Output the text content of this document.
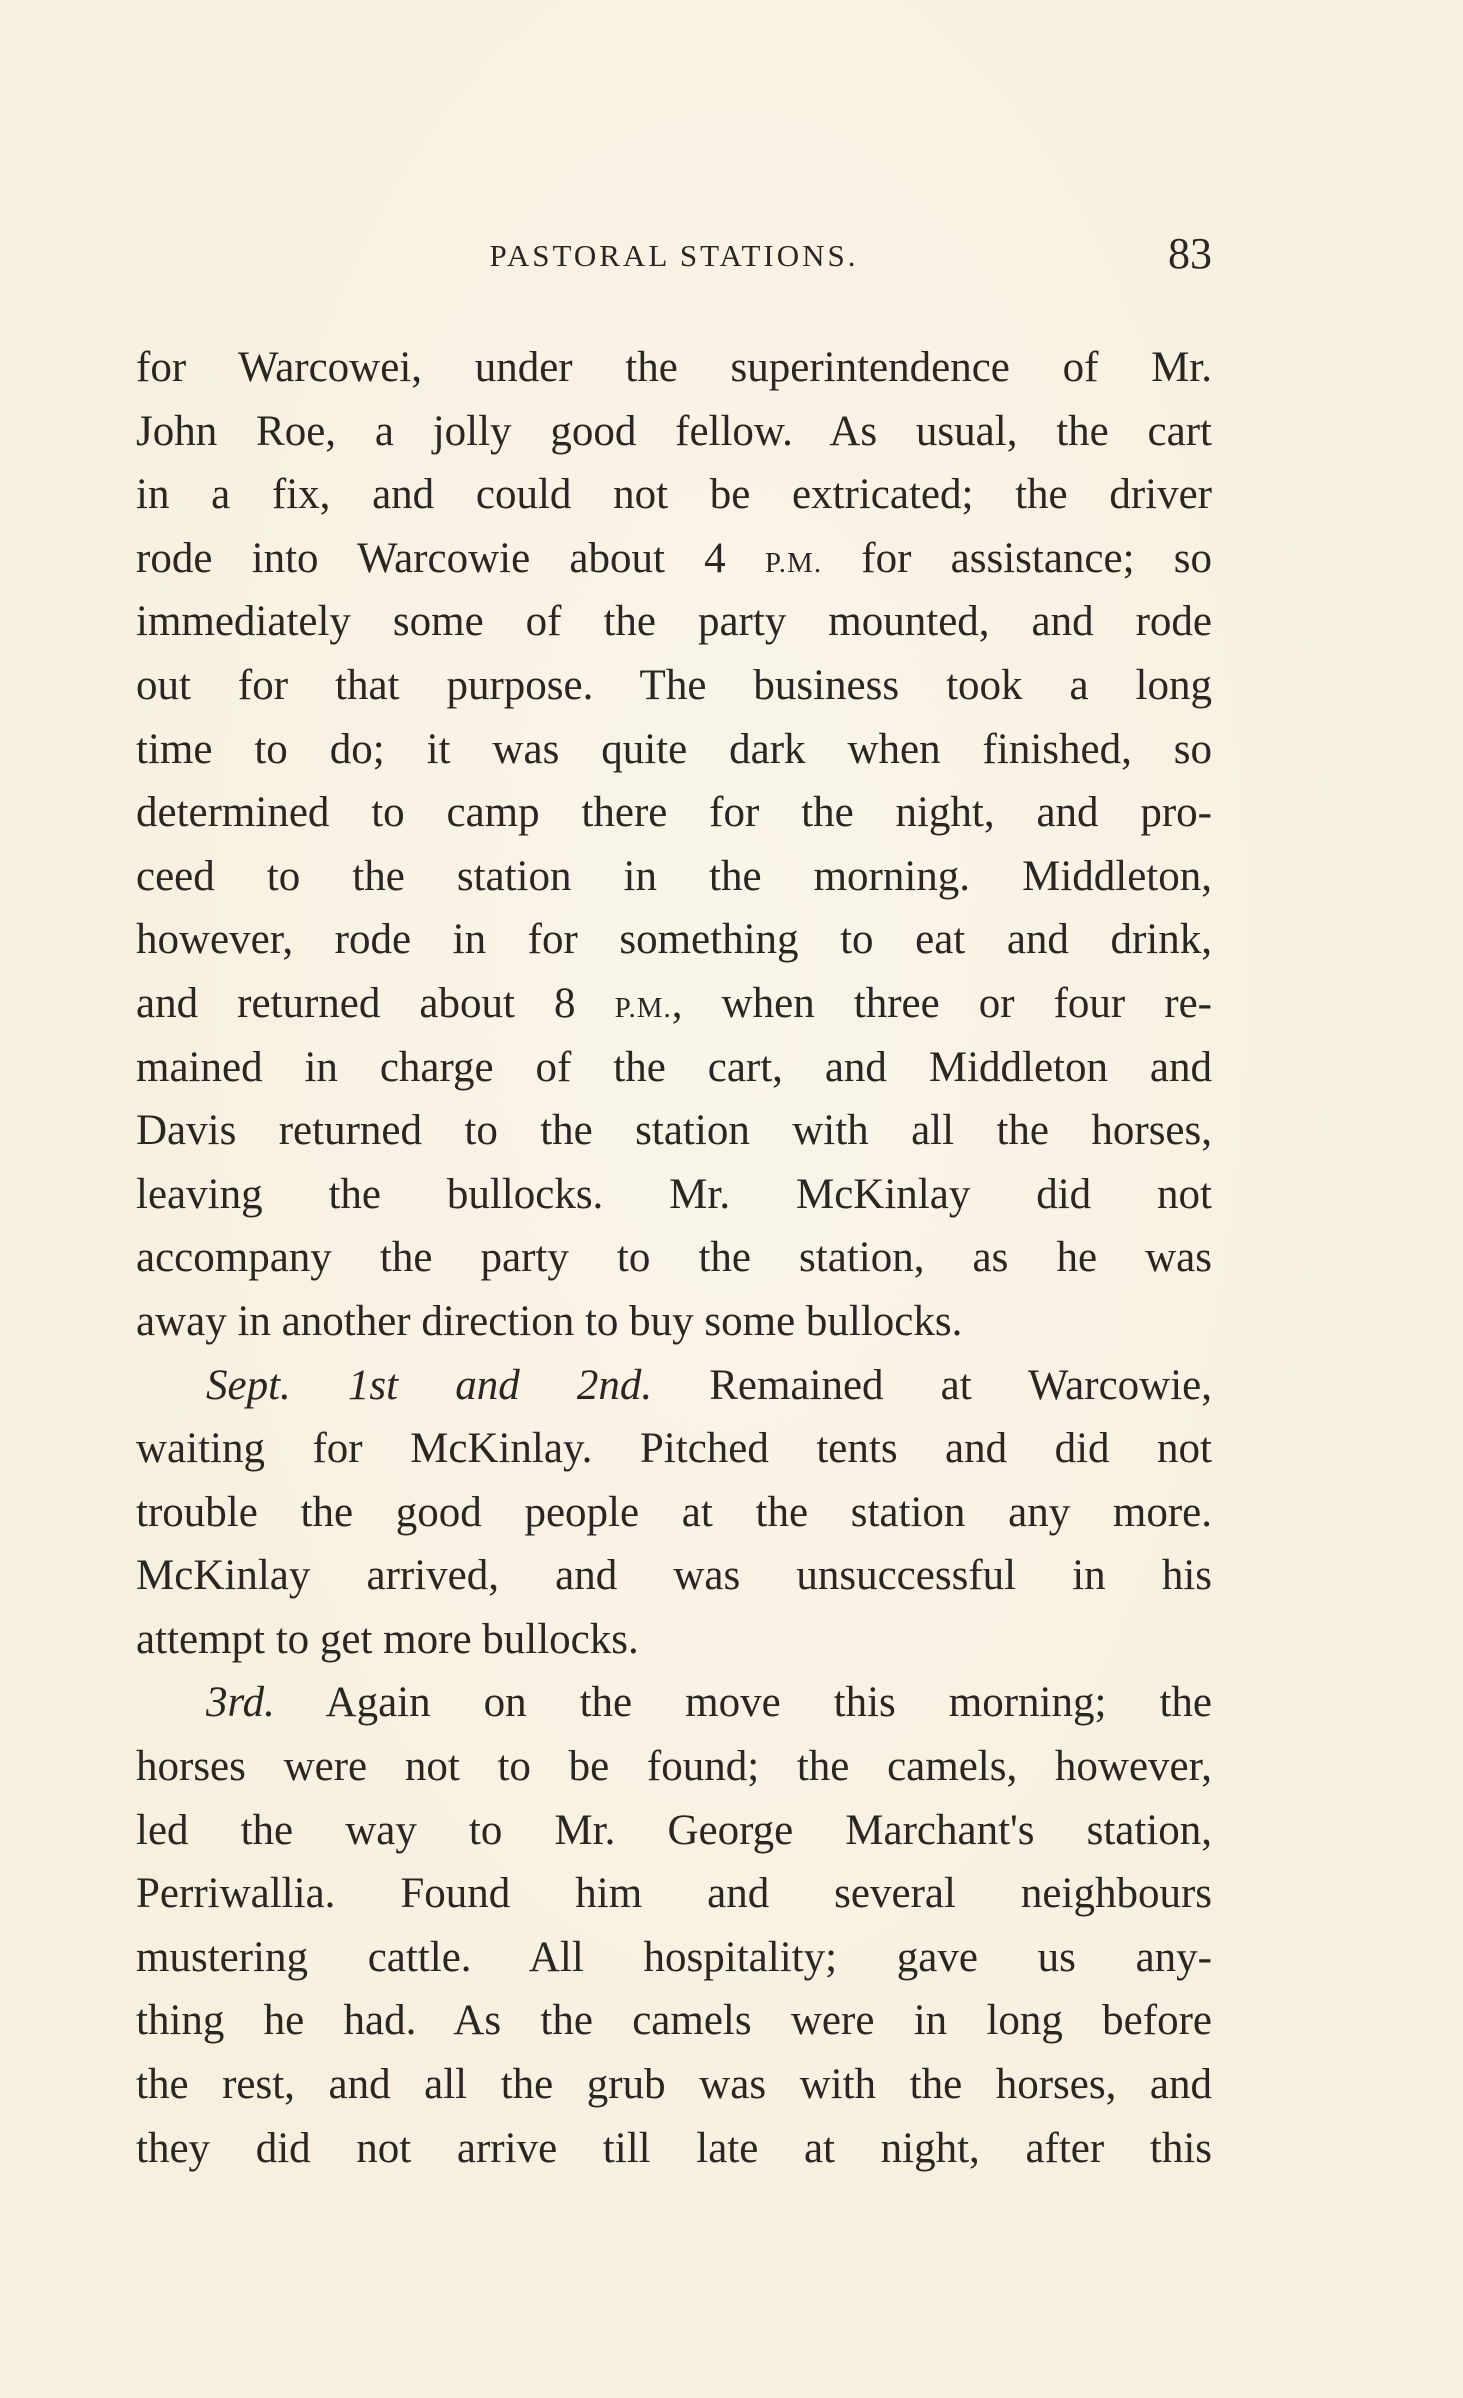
PASTORAL STATIONS.	83
for Warcowei, under the superintendence of Mr.
John Roe, a jolly good fellow. As usual, the cart
in a fix, and could not be extricated; the driver
rode into Warcowie about 4 P.M. for assistance; so
immediately some of the party mounted, and rode
out for that purpose. The business took a long
time to do; it was quite dark when finished, so
determined to camp there for the night, and pro-
ceed to the station in the morning. Middleton,
however, rode in for something to eat and drink,
and returned about 8 P.M., when three or four re-
mained in charge of the cart, and Middleton and
Davis returned to the station with all the horses,
leaving the bullocks. Mr. McKinlay did not
accompany the party to the station, as he was
away in another direction to buy some bullocks.
Sept. 1st and 2nd. Remained at Warcowie,
waiting for McKinlay. Pitched tents and did not
trouble the good people at the station any more.
McKinlay arrived, and was unsuccessful in his
attempt to get more bullocks.
3rd. Again on the move this morning; the
horses were not to be found; the camels, however,
led the way to Mr. George Marchant's station,
Perriwallia. Found him and several neighbours
mustering cattle. All hospitality; gave us any-
thing he had. As the camels were in long before
the rest, and all the grub was with the horses, and
they did not arrive till late at night, after this
